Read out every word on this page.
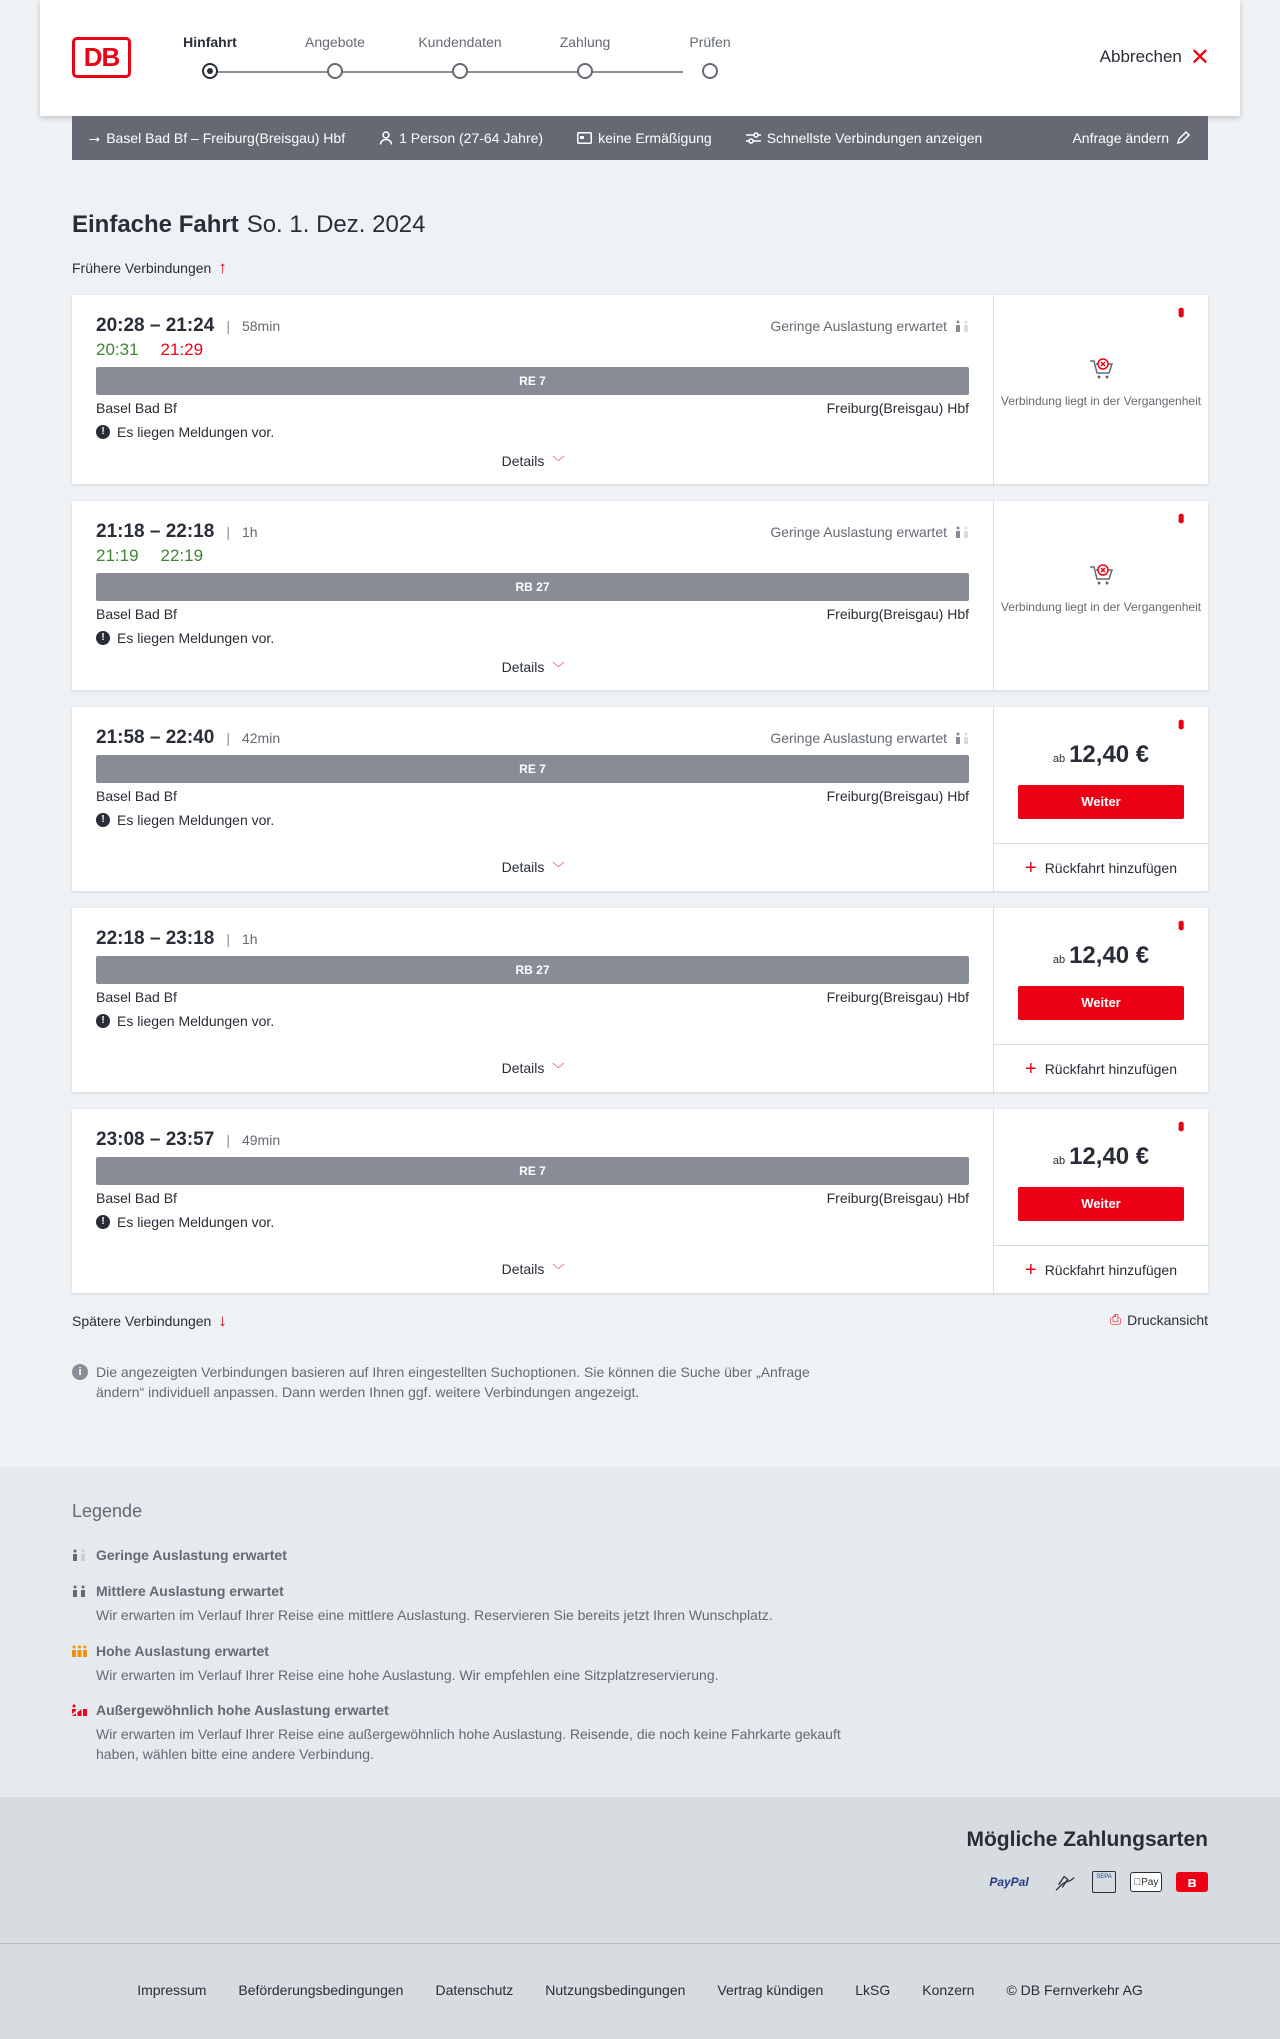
DB	Hinfahrt	Angebote	Kundendaten	Zahlung	Prüfen
Abbrechen ✕
⭢ Basel Bad Bf – Freiburg(Breisgau) Hbf	1 Person (27-64 Jahre)	keine Ermäßigung	Schnellste Verbindungen anzeigen	Anfrage ändern
Einfache Fahrt So. 1. Dez. 2024
Frühere Verbindungen ↑
20:28 – 21:24 | 58min	Geringe Auslastung erwartet
20:31 21:29
RE 7
Basel Bad Bf	Freiburg(Breisgau) Hbf
! Es liegen Meldungen vor.
Details ﹀
•••
Verbindung liegt in der Vergangenheit
21:18 – 22:18 | 1h	Geringe Auslastung erwartet
21:19 22:19
RB 27
Basel Bad Bf	Freiburg(Breisgau) Hbf
! Es liegen Meldungen vor.
Details ﹀
•••
Verbindung liegt in der Vergangenheit
21:58 – 22:40 | 42min	Geringe Auslastung erwartet
RE 7
Basel Bad Bf	Freiburg(Breisgau) Hbf
! Es liegen Meldungen vor.
Details ﹀
•••
ab 12,40 €
Weiter
+ Rückfahrt hinzufügen
22:18 – 23:18 | 1h
RB 27
Basel Bad Bf	Freiburg(Breisgau) Hbf
! Es liegen Meldungen vor.
Details ﹀
•••
ab 12,40 €
Weiter
+ Rückfahrt hinzufügen
23:08 – 23:57 | 49min
RE 7
Basel Bad Bf	Freiburg(Breisgau) Hbf
! Es liegen Meldungen vor.
Details ﹀
•••
ab 12,40 €
Weiter
+ Rückfahrt hinzufügen
Spätere Verbindungen ↓	⎙ Druckansicht
i	Die angezeigten Verbindungen basieren auf Ihren eingestellten Suchoptionen. Sie können die Suche über „Anfrage ändern“ individuell anpassen. Dann werden Ihnen ggf. weitere Verbindungen angezeigt.
Legende
Geringe Auslastung erwartet
Mittlere Auslastung erwartet
Wir erwarten im Verlauf Ihrer Reise eine mittlere Auslastung. Reservieren Sie bereits jetzt Ihren Wunschplatz.
Hohe Auslastung erwartet
Wir erwarten im Verlauf Ihrer Reise eine hohe Auslastung. Wir empfehlen eine Sitzplatzreservierung.
Außergewöhnlich hohe Auslastung erwartet
Wir erwarten im Verlauf Ihrer Reise eine außergewöhnlich hohe Auslastung. Reisende, die noch keine Fahrkarte gekauft haben, wählen bitte eine andere Verbindung.
Mögliche Zahlungsarten
PayPal	SEPA	Pay	ʙ
Impressum Beförderungsbedingungen Datenschutz Nutzungsbedingungen Vertrag kündigen LkSG Konzern © DB Fernverkehr AG
